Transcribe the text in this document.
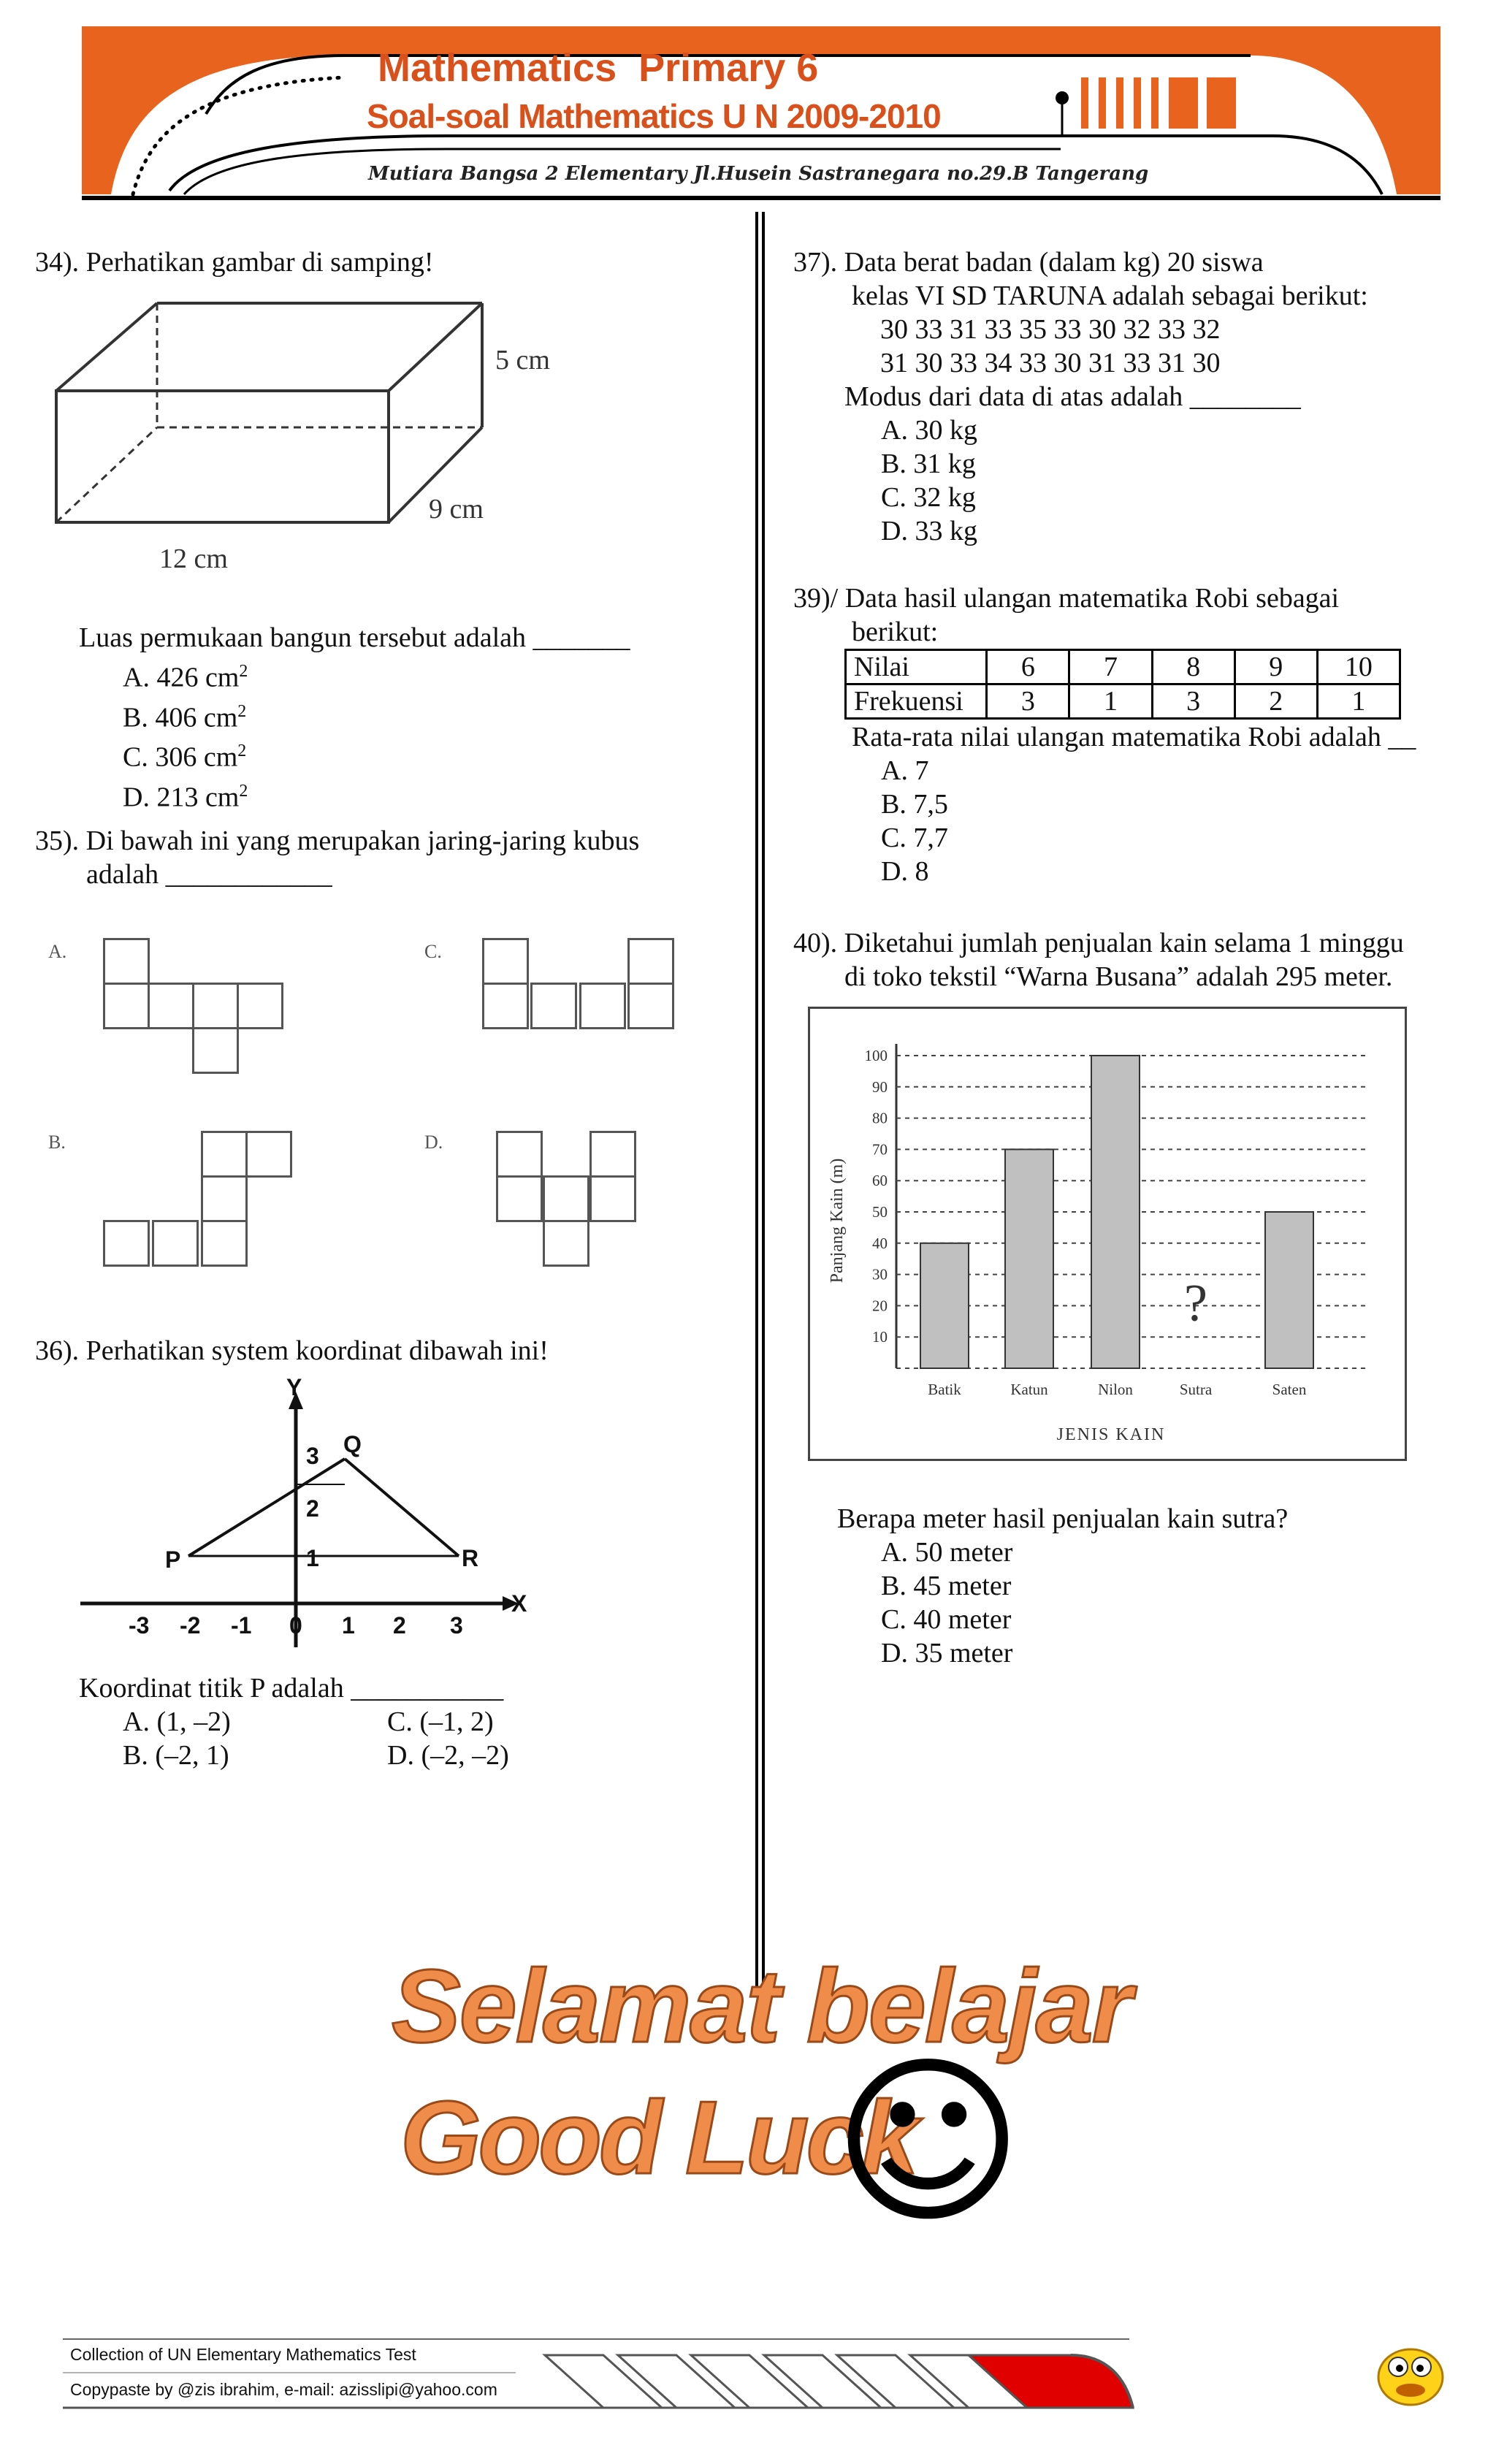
Mathematics  Primary 6
Soal-soal Mathematics U N 2009-2010
Mutiara Bangsa 2 Elementary Jl.Husein Sastranegara no.29.B Tangerang
34). Perhatikan gambar di samping!
5 cm
9 cm
12 cm
Luas permukaan bangun tersebut adalah _______
A. 426 $cm^2$
B. 406 $cm^2$
C. 306 $cm^2$
D. 213 $cm^2$
35). Di bawah ini yang merupakan jaring-jaring kubus
adalah ____________
A.	C.
B.	D.
36). Perhatikan system koordinat dibawah ini!
Y
X
P
Q
R
1
2
3
-3 -2 -1 0 1 2 3
Koordinat titik P adalah ___________
A. (1, –2)
B. (–2, 1)
C. (–1, 2)
D. (–2, –2)
37). Data berat badan (dalam kg) 20 siswa
kelas VI SD TARUNA adalah sebagai berikut:
30 33 31 33 35 33 30 32 33 32
31 30 33 34 33 30 31 33 31 30
Modus dari data di atas adalah ________
A. 30 kg
B. 31 kg
C. 32 kg
D. 33 kg
39)/ Data hasil ulangan matematika Robi sebagai
berikut:
Nilai	6	7	8	9	10
Frekuensi	3	1	3	2	1
Rata-rata nilai ulangan matematika Robi adalah __
A. 7
B. 7,5
C. 7,7
D. 8
40). Diketahui jumlah penjualan kain selama 1 minggu
di toko tekstil “Warna Busana” adalah 295 meter.
10
20
30
40
50
60
70
80
90
100
Batik	Katun	Nilon	Sutra	Saten
Panjang Kain (m)
JENIS KAIN
?
Berapa meter hasil penjualan kain sutra?
A. 50 meter
B. 45 meter
C. 40 meter
D. 35 meter
Selamat belajar
Good Luck
☺
Collection of UN Elementary Mathematics Test
Copypaste by @zis ibrahim, e-mail: azisslipi@yahoo.com
